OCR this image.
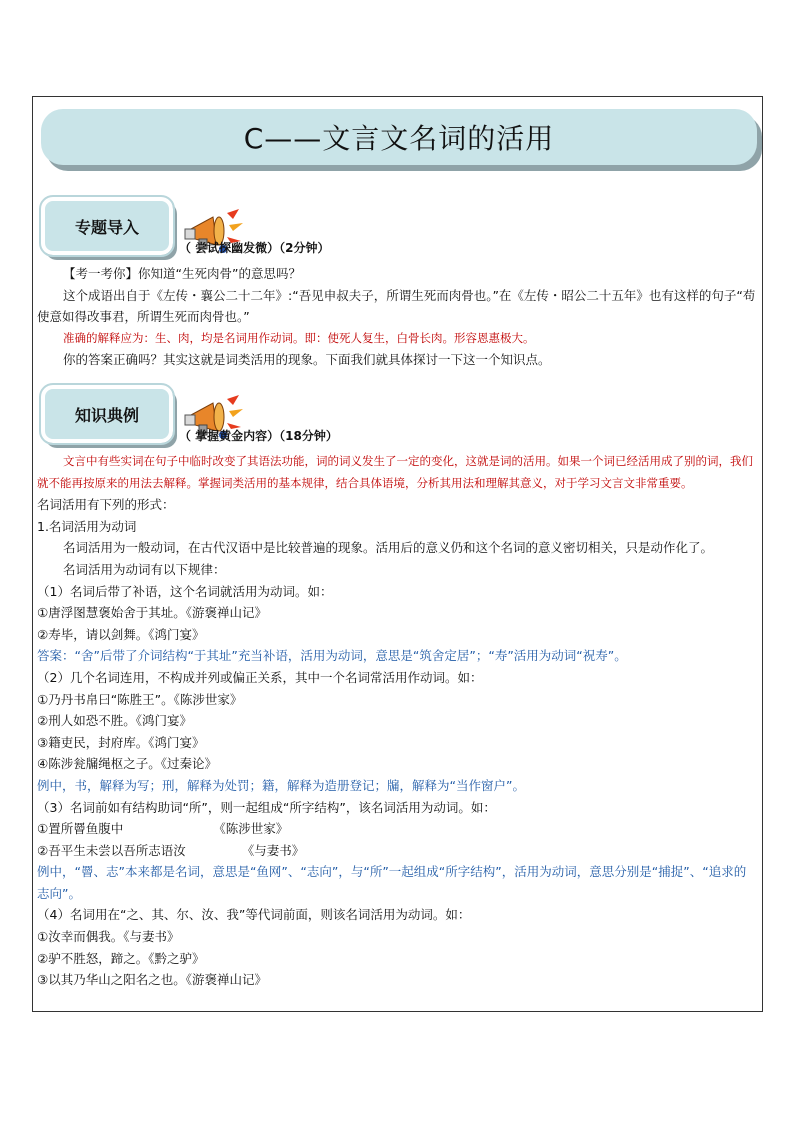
C——文言文名词的活用
专题导入
（ 尝试探幽发微）（2分钟）

【考一考你】你知道“生死肉骨”的意思吗？

这个成语出自于《左传・襄公二十二年》:“吾见申叔夫子，所谓生死而肉骨也。”在《左传・昭公二十五年》也有这样的句子“苟使意如得改事君，所谓生死而肉骨也。”

准确的解释应为：生、肉，均是名词用作动词。即：使死人复生，白骨长肉。形容恩惠极大。

你的答案正确吗？其实这就是词类活用的现象。下面我们就具体探讨一下这一个知识点。

知识典例
（ 掌握黄金内容）（18分钟）

文言中有些实词在句子中临时改变了其语法功能，词的词义发生了一定的变化，这就是词的活用。如果一个词已经活用成了别的词，我们就不能再按原来的用法去解释。掌握词类活用的基本规律，结合具体语境，分析其用法和理解其意义，对于学习文言文非常重要。

名词活用有下列的形式：

1.名词活用为动词

名词活用为一般动词，在古代汉语中是比较普遍的现象。活用后的意义仍和这个名词的意义密切相关，只是动作化了。

名词活用为动词有以下规律：

（1）名词后带了补语，这个名词就活用为动词。如：

①唐浮图慧褒始舍于其址。《游褒禅山记》

②寿毕，请以剑舞。《鸿门宴》

答案：“舍”后带了介词结构“于其址”充当补语，活用为动词，意思是“筑舍定居”；“寿”活用为动词“祝寿”。

（2）几个名词连用，不构成并列或偏正关系，其中一个名词常活用作动词。如：

①乃丹书帛曰“陈胜王”。《陈涉世家》

②刑人如恐不胜。《鸿门宴》

③籍吏民，封府库。《鸿门宴》

④陈涉瓮牖绳枢之子。《过秦论》

例中，书，解释为写；刑，解释为处罚；籍，解释为造册登记；牖，解释为“当作窗户”。

（3）名词前如有结构助词“所”，则一起组成“所字结构”，该名词活用为动词。如：

①置所罾鱼腹中	《陈涉世家》

②吾平生未尝以吾所志语汝	《与妻书》

例中，“罾、志”本来都是名词，意思是“鱼网”、“志向”，与“所”一起组成“所字结构”，活用为动词，意思分别是“捕捉”、“追求的志向”。

（4）名词用在“之、其、尔、汝、我”等代词前面，则该名词活用为动词。如：

①汝幸而偶我。《与妻书》

②驴不胜怒，蹄之。《黔之驴》

③以其乃华山之阳名之也。《游褒禅山记》
